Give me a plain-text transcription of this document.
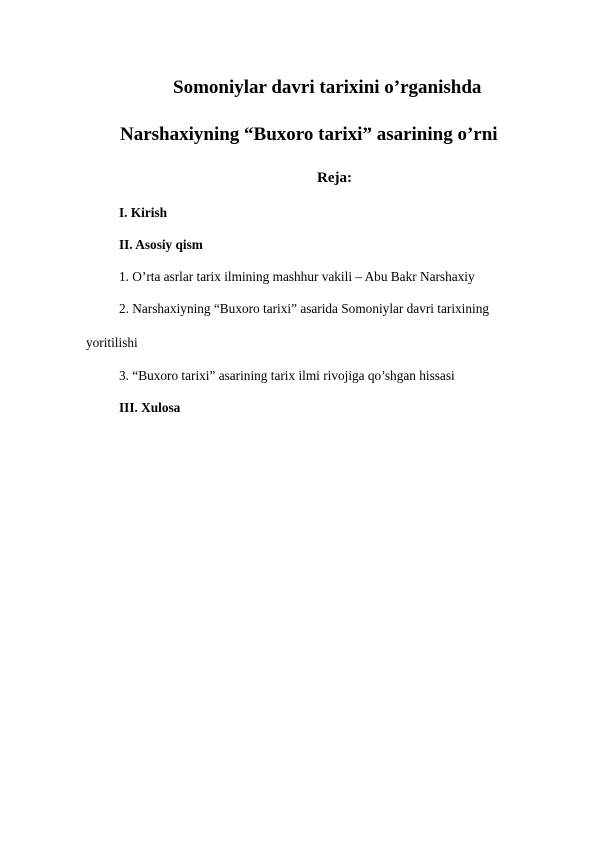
Somoniylar davri tarixini o’rganishda
Narshaxiyning “Buxoro tarixi” asarining o’rni
Reja:
I. Kirish
II. Asosiy qism
1. O’rta asrlar tarix ilmining mashhur vakili – Abu Bakr Narshaxiy
2. Narshaxiyning “Buxoro tarixi” asarida Somoniylar davri tarixining
yoritilishi
3. “Buxoro tarixi” asarining tarix ilmi rivojiga qo’shgan hissasi
III. Xulosa
